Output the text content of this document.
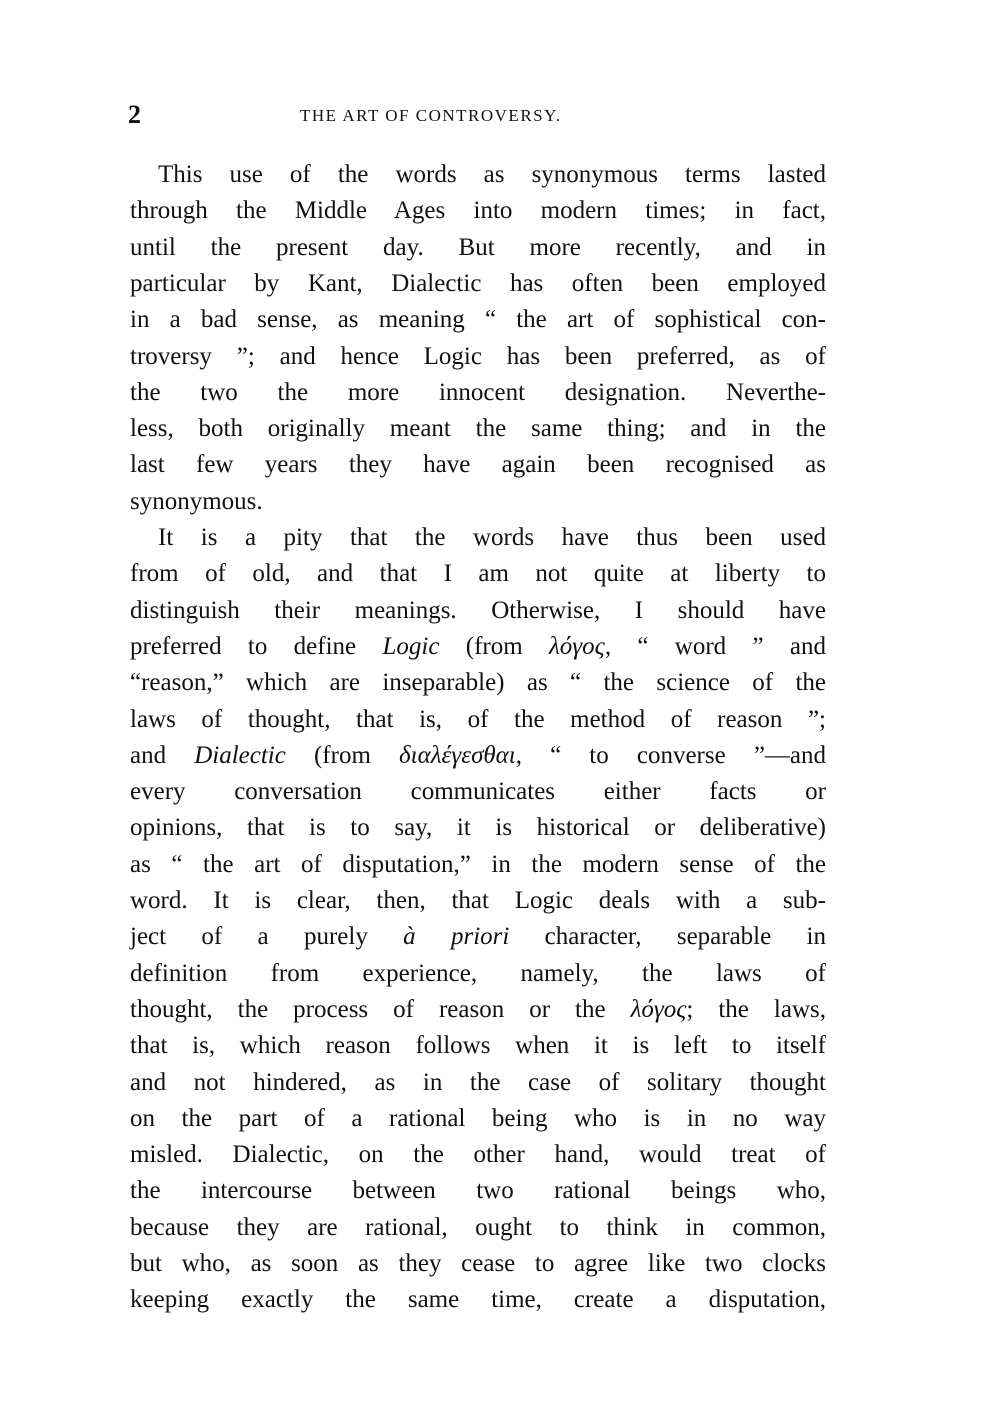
2	THE ART OF CONTROVERSY.
This use of the words as synonymous terms lasted
through the Middle Ages into modern times; in fact,
until the present day. But more recently, and in
particular by Kant, Dialectic has often been employed
in a bad sense, as meaning “ the art of sophistical con-
troversy ”; and hence Logic has been preferred, as of
the two the more innocent designation. Neverthe-
less, both originally meant the same thing; and in the
last few years they have again been recognised as
synonymous.
It is a pity that the words have thus been used
from of old, and that I am not quite at liberty to
distinguish their meanings. Otherwise, I should have
preferred to define Logic (from λόγος, “ word ” and
“reason,” which are inseparable) as “ the science of the
laws of thought, that is, of the method of reason ”;
and Dialectic (from διαλέγεσθαι, “ to converse ”—and
every conversation communicates either facts or
opinions, that is to say, it is historical or deliberative)
as “ the art of disputation,” in the modern sense of the
word. It is clear, then, that Logic deals with a sub-
ject of a purely à priori character, separable in
definition from experience, namely, the laws of
thought, the process of reason or the λόγος; the laws,
that is, which reason follows when it is left to itself
and not hindered, as in the case of solitary thought
on the part of a rational being who is in no way
misled. Dialectic, on the other hand, would treat of
the intercourse between two rational beings who,
because they are rational, ought to think in common,
but who, as soon as they cease to agree like two clocks
keeping exactly the same time, create a disputation,
